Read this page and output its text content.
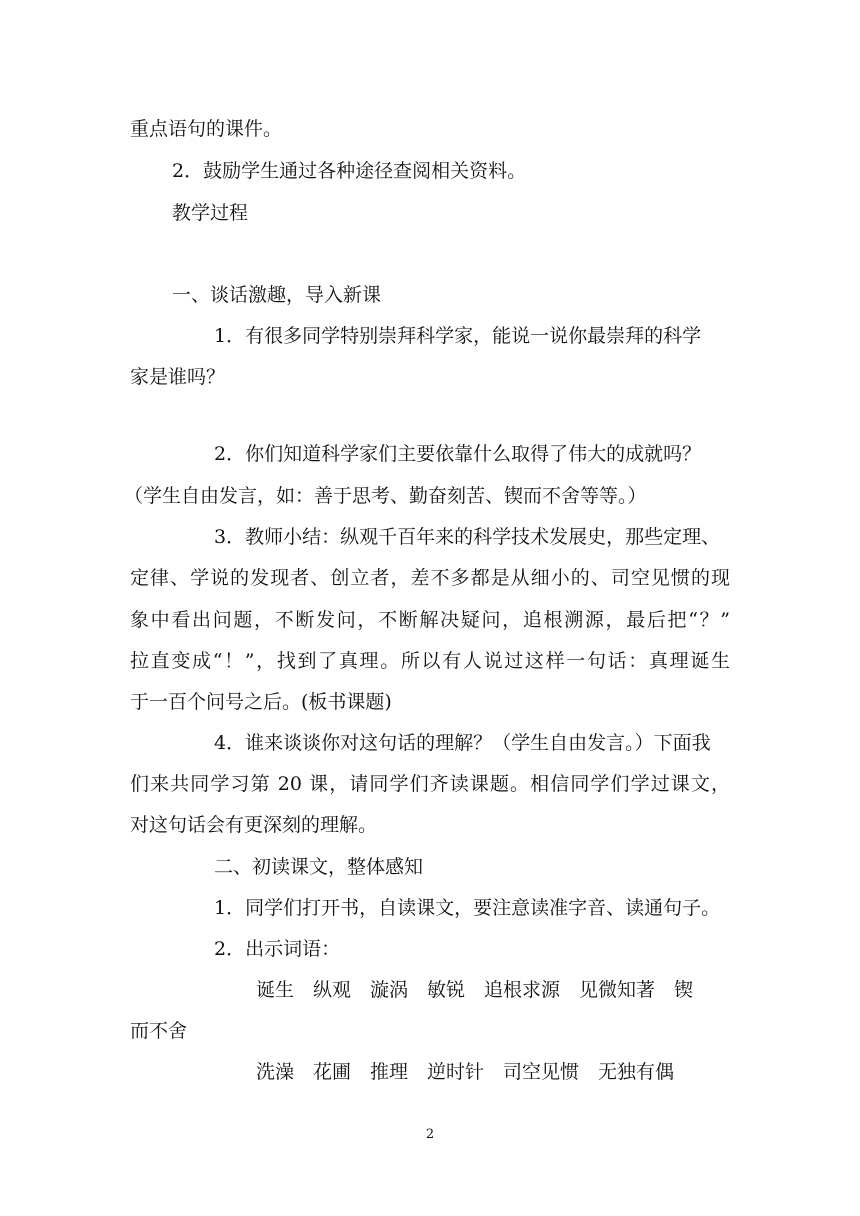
重点语句的课件。
2．鼓励学生通过各种途径查阅相关资料。
教学过程
一、谈话激趣，导入新课
1．有很多同学特别崇拜科学家，能说一说你最崇拜的科学
家是谁吗？
2．你们知道科学家们主要依靠什么取得了伟大的成就吗？
（学生自由发言，如：善于思考、勤奋刻苦、锲而不舍等等。）
3．教师小结：纵观千百年来的科学技术发展史，那些定理、
定律、学说的发现者、创立者，差不多都是从细小的、司空见惯的现
象中看出问题，不断发问，不断解决疑问，追根溯源，最后把“？”
拉直变成“！”，找到了真理。所以有人说过这样一句话：真理诞生
于一百个问号之后。(板书课题)
4．谁来谈谈你对这句话的理解？（学生自由发言。）下面我
们来共同学习第 20 课，请同学们齐读课题。相信同学们学过课文，
对这句话会有更深刻的理解。
二、初读课文，整体感知
1．同学们打开书，自读课文，要注意读准字音、读通句子。
2．出示词语：
诞生　纵观　漩涡　敏锐　追根求源　见微知著　锲
而不舍
洗澡　花圃　推理　逆时针　司空见惯　无独有偶
2
